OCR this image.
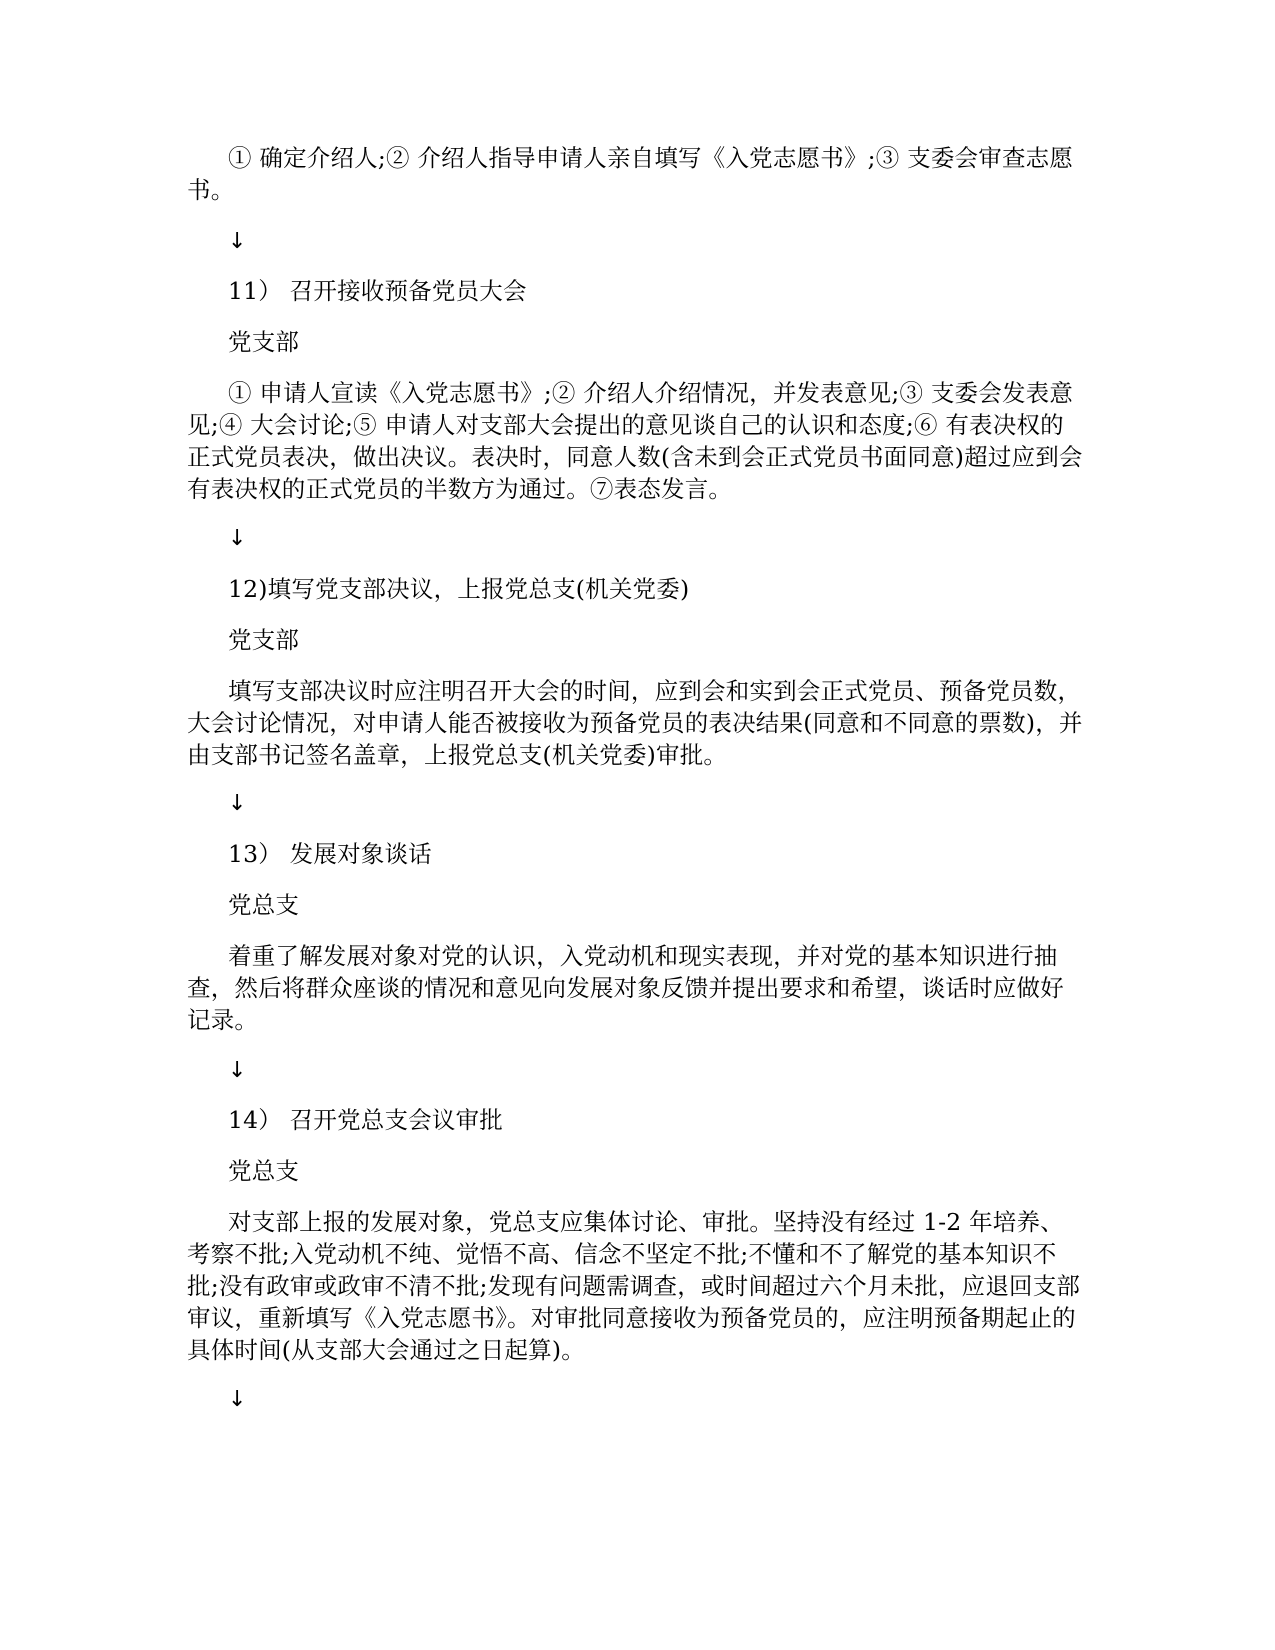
① 确定介绍人;② 介绍人指导申请人亲自填写《入党志愿书》;③ 支委会审查志愿书。

↓

11） 召开接收预备党员大会

党支部

① 申请人宣读《入党志愿书》;② 介绍人介绍情况，并发表意见;③ 支委会发表意见;④ 大会讨论;⑤ 申请人对支部大会提出的意见谈自己的认识和态度;⑥ 有表决权的正式党员表决，做出决议。表决时，同意人数(含未到会正式党员书面同意)超过应到会有表决权的正式党员的半数方为通过。⑦表态发言。

↓

12)填写党支部决议，上报党总支(机关党委)

党支部

填写支部决议时应注明召开大会的时间，应到会和实到会正式党员、预备党员数，大会讨论情况，对申请人能否被接收为预备党员的表决结果(同意和不同意的票数)，并由支部书记签名盖章，上报党总支(机关党委)审批。

↓

13） 发展对象谈话

党总支

着重了解发展对象对党的认识，入党动机和现实表现，并对党的基本知识进行抽查，然后将群众座谈的情况和意见向发展对象反馈并提出要求和希望，谈话时应做好记录。

↓

14） 召开党总支会议审批

党总支

对支部上报的发展对象，党总支应集体讨论、审批。坚持没有经过 1-2 年培养、考察不批;入党动机不纯、觉悟不高、信念不坚定不批;不懂和不了解党的基本知识不批;没有政审或政审不清不批;发现有问题需调查，或时间超过六个月未批，应退回支部审议，重新填写《入党志愿书》。对审批同意接收为预备党员的，应注明预备期起止的具体时间(从支部大会通过之日起算)。

↓
